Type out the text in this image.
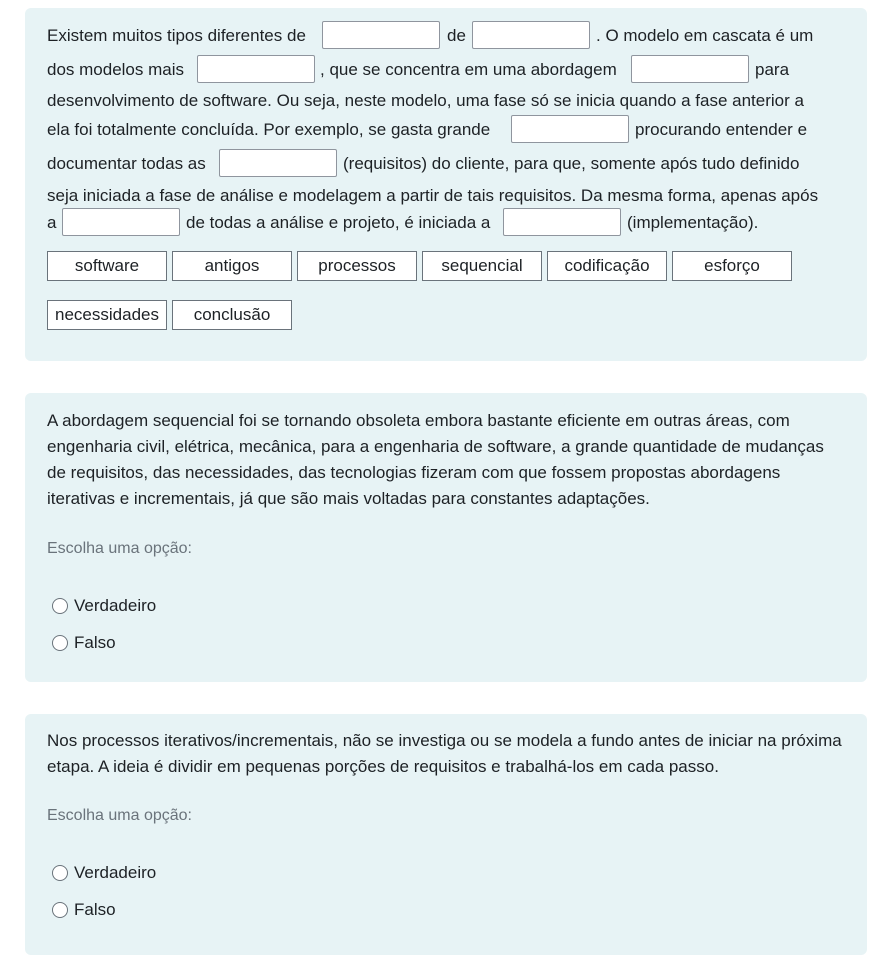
Existem muitos tipos diferentes de	de	. O modelo em cascata é um
dos modelos mais	, que se concentra em uma abordagem	para
desenvolvimento de software. Ou seja, neste modelo, uma fase só se inicia quando a fase anterior a
ela foi totalmente concluída. Por exemplo, se gasta grande	procurando entender e
documentar todas as	(requisitos) do cliente, para que, somente após tudo definido
seja iniciada a fase de análise e modelagem a partir de tais requisitos. Da mesma forma, apenas após
a	de todas a análise e projeto, é iniciada a	(implementação).
software	antigos	processos	sequencial	codificação	esforço
necessidades	conclusão
A abordagem sequencial foi se tornando obsoleta embora bastante eficiente em outras áreas, com engenharia civil, elétrica, mecânica, para a engenharia de software, a grande quantidade de mudanças de requisitos, das necessidades, das tecnologias fizeram com que fossem propostas abordagens iterativas e incrementais, já que são mais voltadas para constantes adaptações.
Escolha uma opção:
Verdadeiro
Falso
Nos processos iterativos/incrementais, não se investiga ou se modela a fundo antes de iniciar na próxima etapa. A ideia é dividir em pequenas porções de requisitos e trabalhá-los em cada passo.
Escolha uma opção:
Verdadeiro
Falso
